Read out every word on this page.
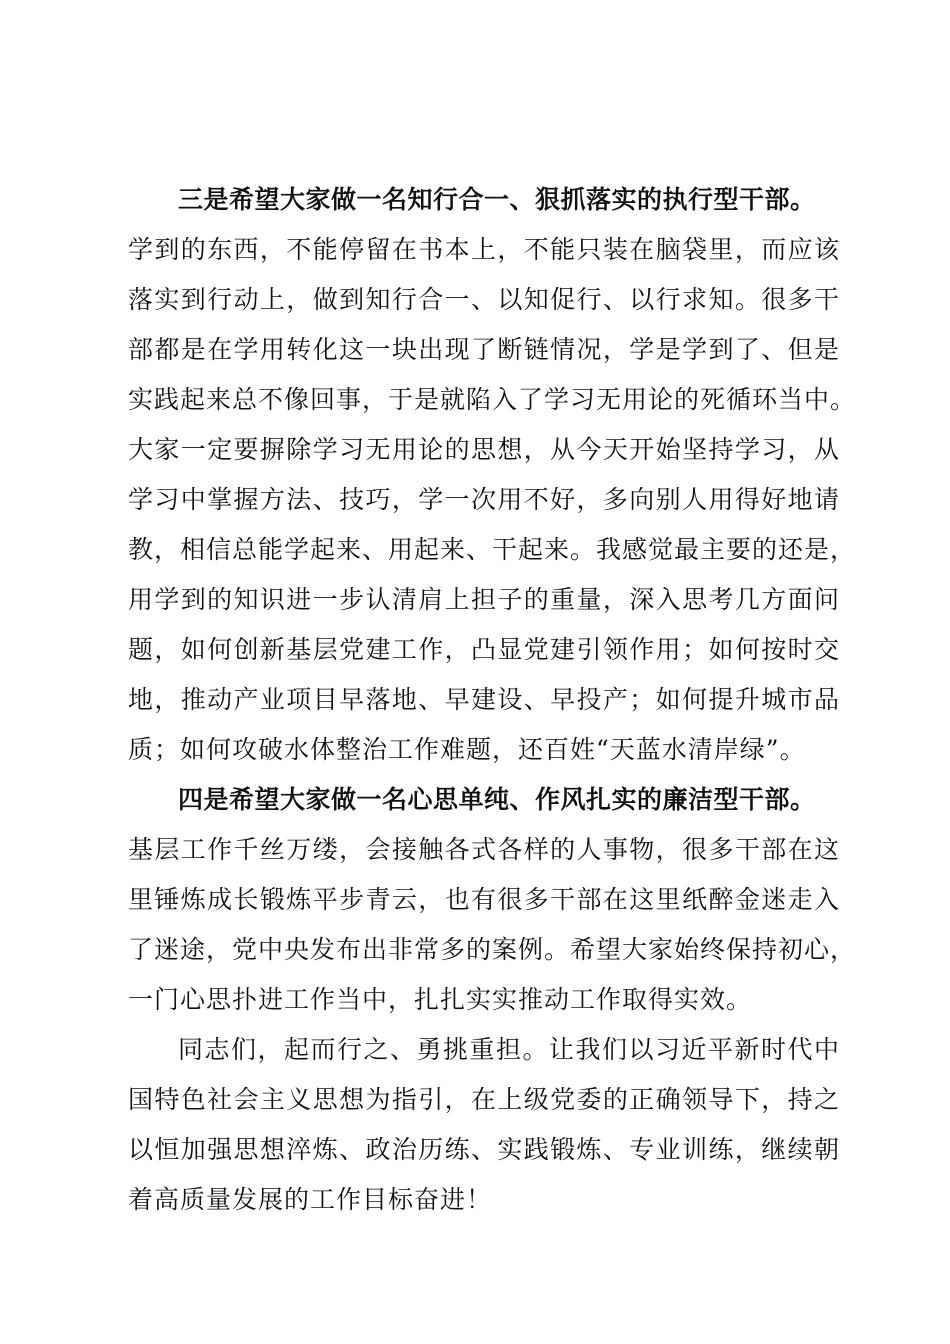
三是希望大家做一名知行合一、狠抓落实的执行型干部。
学到的东西，不能停留在书本上，不能只装在脑袋里，而应该
落实到行动上，做到知行合一、以知促行、以行求知。很多干
部都是在学用转化这一块出现了断链情况，学是学到了、但是
实践起来总不像回事，于是就陷入了学习无用论的死循环当中。
大家一定要摒除学习无用论的思想，从今天开始坚持学习，从
学习中掌握方法、技巧，学一次用不好，多向别人用得好地请
教，相信总能学起来、用起来、干起来。我感觉最主要的还是，
用学到的知识进一步认清肩上担子的重量，深入思考几方面问
题，如何创新基层党建工作，凸显党建引领作用；如何按时交
地，推动产业项目早落地、早建设、早投产；如何提升城市品
质；如何攻破水体整治工作难题，还百姓“天蓝水清岸绿”。
四是希望大家做一名心思单纯、作风扎实的廉洁型干部。
基层工作千丝万缕，会接触各式各样的人事物，很多干部在这
里锤炼成长锻炼平步青云，也有很多干部在这里纸醉金迷走入
了迷途，党中央发布出非常多的案例。希望大家始终保持初心，
一门心思扑进工作当中，扎扎实实推动工作取得实效。
同志们，起而行之、勇挑重担。让我们以习近平新时代中
国特色社会主义思想为指引，在上级党委的正确领导下，持之
以恒加强思想淬炼、政治历练、实践锻炼、专业训练，继续朝
着高质量发展的工作目标奋进！
